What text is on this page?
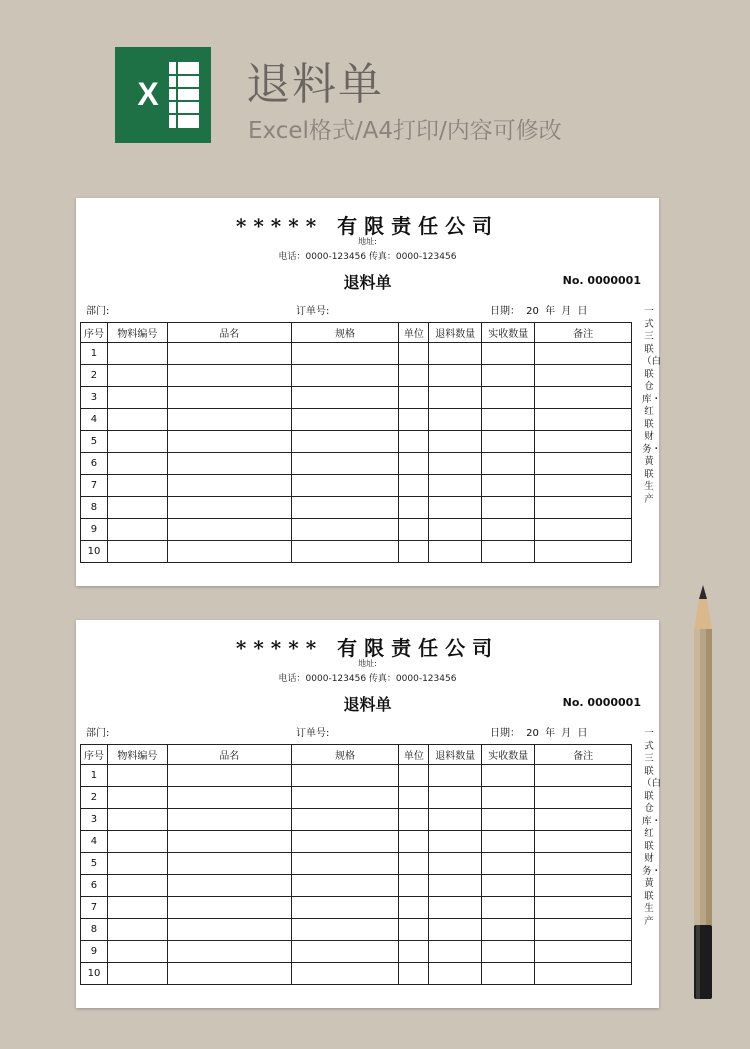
X 退料单
Excel格式/A4打印/内容可修改
***** 有限责任公司
地址:
电话：0000-123456 传真：0000-123456
退料单	No. 0000001
部门:	订单号:	日期： 20 年 月 日
序号	物料编号	品名	规格	单位	退料数量	实收数量	备注
1							
2							
3							
4							
5							
6							
7							
8							
9							
10							
一式三联（白联仓库・红联财务・黄联生产
***** 有限责任公司
地址:
电话：0000-123456 传真：0000-123456
退料单	No. 0000001
部门:	订单号:	日期： 20 年 月 日
序号	物料编号	品名	规格	单位	退料数量	实收数量	备注
1							
2							
3							
4							
5							
6							
7							
8							
9							
10							
一式三联（白联仓库・红联财务・黄联生产
